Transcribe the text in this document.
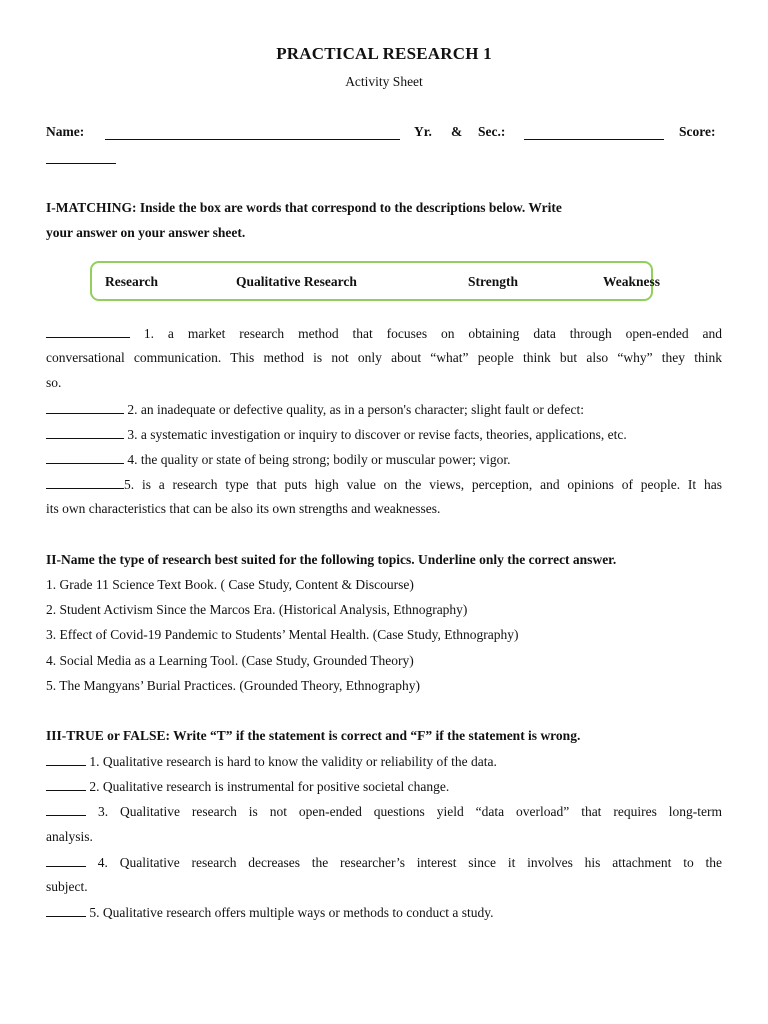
PRACTICAL RESEARCH 1
Activity Sheet
Name:	Yr. & Sec.:	Score:
I-MATCHING: Inside the box are words that correspond to the descriptions below. Write
your answer on your answer sheet.
Research	Qualitative Research	Strength	Weakness
1. a market research method that focuses on obtaining data through open-ended and
conversational communication. This method is not only about “what” people think but also “why” they think
so.
2. an inadequate or defective quality, as in a person's character; slight fault or defect:
3. a systematic investigation or inquiry to discover or revise facts, theories, applications, etc.
4. the quality or state of being strong; bodily or muscular power; vigor.
5. is a research type that puts high value on the views, perception, and opinions of people. It has
its own characteristics that can be also its own strengths and weaknesses.
II-Name the type of research best suited for the following topics. Underline only the correct answer.
1. Grade 11 Science Text Book. ( Case Study, Content & Discourse)
2. Student Activism Since the Marcos Era. (Historical Analysis, Ethnography)
3. Effect of Covid-19 Pandemic to Students’ Mental Health. (Case Study, Ethnography)
4. Social Media as a Learning Tool. (Case Study, Grounded Theory)
5. The Mangyans’ Burial Practices. (Grounded Theory, Ethnography)
III-TRUE or FALSE: Write “T” if the statement is correct and “F” if the statement is wrong.
1. Qualitative research is hard to know the validity or reliability of the data.
2. Qualitative research is instrumental for positive societal change.
3. Qualitative research is not open-ended questions yield “data overload” that requires long-term
analysis.
4. Qualitative research decreases the researcher’s interest since it involves his attachment to the
subject.
5. Qualitative research offers multiple ways or methods to conduct a study.
